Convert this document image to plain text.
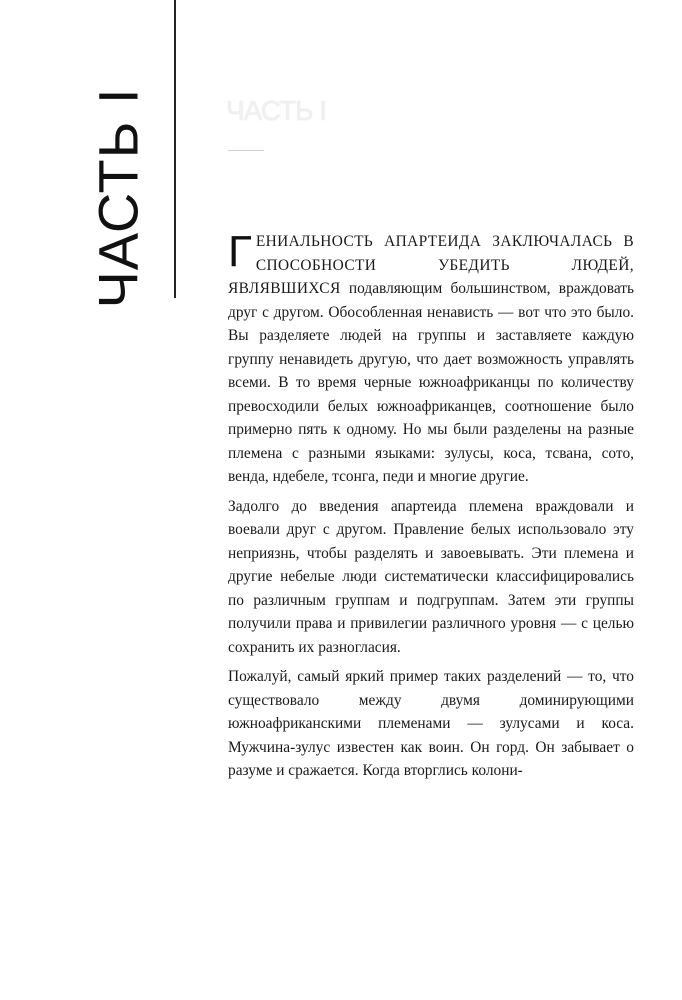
ЧАСТЬ I	ЧАСТЬ I

ГЕНИАЛЬНОСТЬ АПАРТЕИДА ЗАКЛЮЧАЛАСЬ В СПОСОБНОСТИ УБЕДИТЬ ЛЮДЕЙ, ЯВЛЯВШИХСЯ подавляющим большинством, враждовать друг с другом. Обособленная ненависть — вот что это было. Вы разделяете людей на группы и заставляете каждую группу ненавидеть другую, что дает возможность управлять всеми. В то время черные южноафриканцы по количеству превосходили белых южноафриканцев, соотношение было примерно пять к одному. Но мы были разделены на разные племена с разными языками: зулусы, коса, тсвана, сото, венда, ндебеле, тсонга, педи и многие другие.

Задолго до введения апартеида племена враждовали и воевали друг с другом. Правление белых использовало эту неприязнь, чтобы разделять и завоевывать. Эти племена и другие небелые люди систематически классифицировались по различным группам и подгруппам. Затем эти группы получили права и привилегии различного уровня — с целью сохранить их разногласия.

Пожалуй, самый яркий пример таких разделений — то, что существовало между двумя доминирующими южноафриканскими племенами — зулусами и коса. Мужчина-зулус известен как воин. Он горд. Он забывает о разуме и сражается. Когда вторглись колони-
